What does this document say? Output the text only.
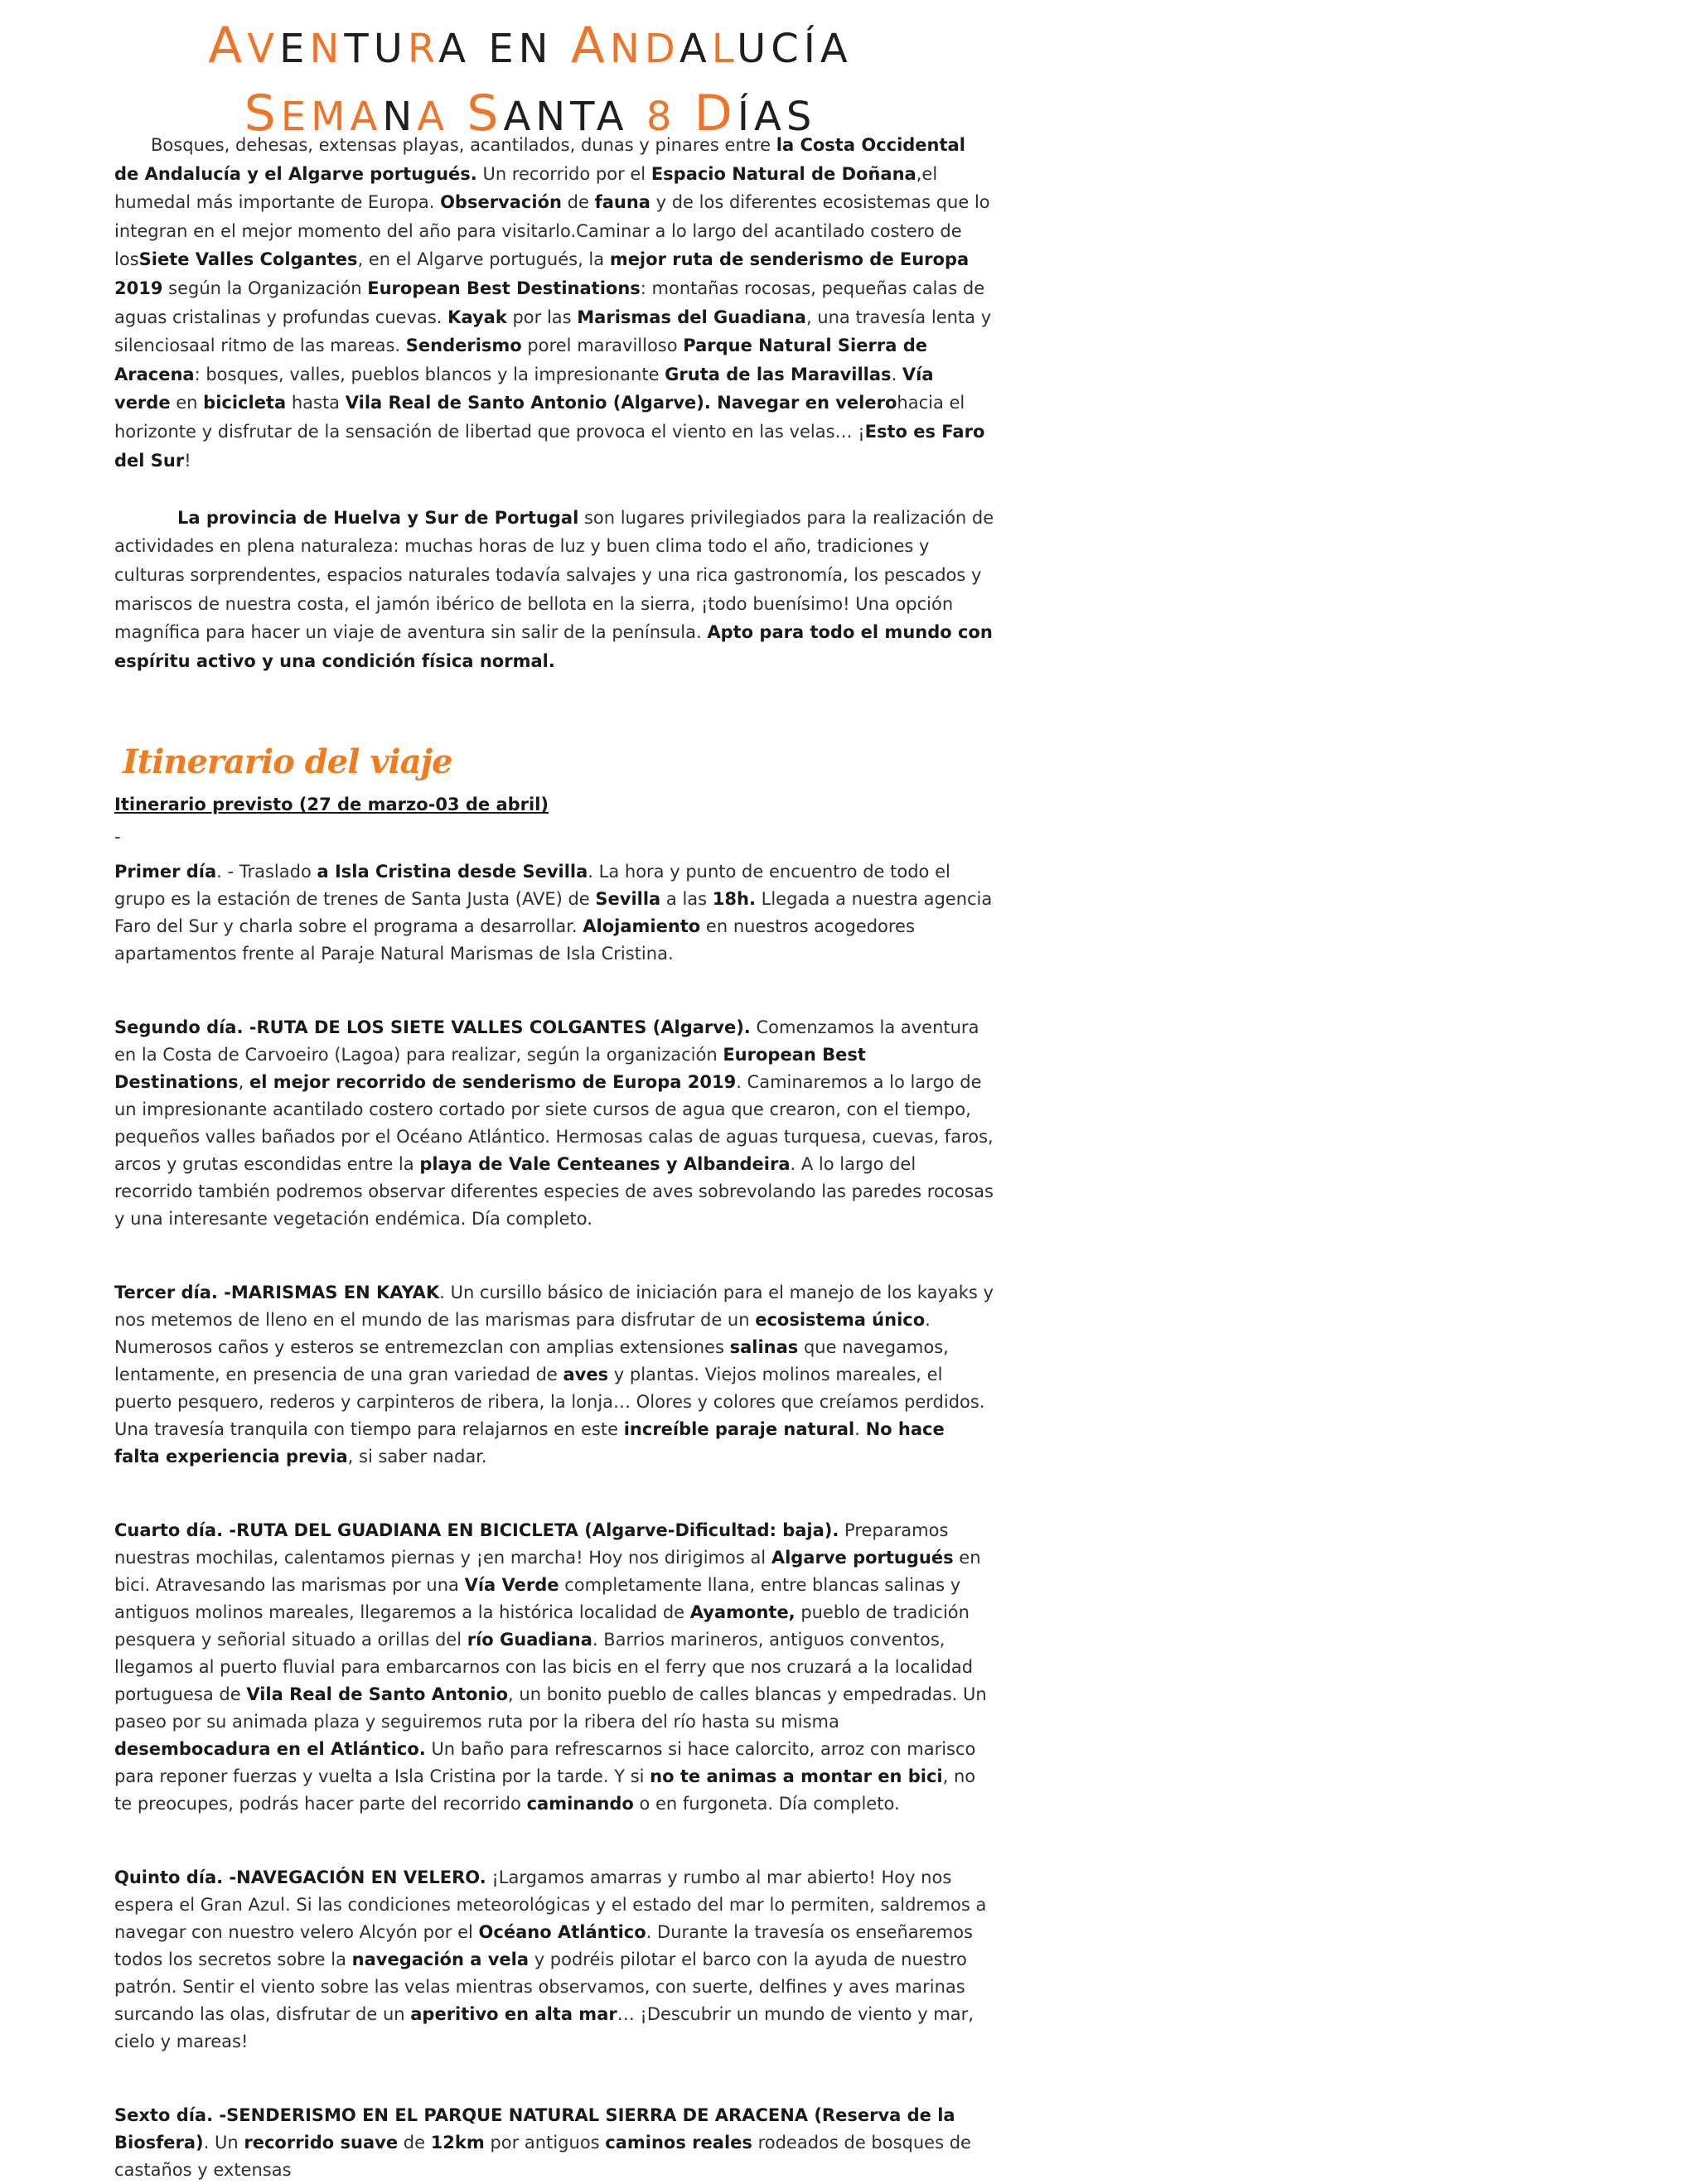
AVENTURA EN ANDALUCÍA SEMANA SANTA 8 DÍAS

Bosques, dehesas, extensas playas, acantilados, dunas y pinares entre la Costa Occidental de Andalucía y el Algarve portugués. Un recorrido por el Espacio Natural de Doñana,el humedal más importante de Europa. Observación de fauna y de los diferentes ecosistemas que lo integran en el mejor momento del año para visitarlo.Caminar a lo largo del acantilado costero de losSiete Valles Colgantes, en el Algarve portugués, la mejor ruta de senderismo de Europa 2019 según la Organización European Best Destinations: montañas rocosas, pequeñas calas de aguas cristalinas y profundas cuevas. Kayak por las Marismas del Guadiana, una travesía lenta y silenciosaal ritmo de las mareas. Senderismo porel maravilloso Parque Natural Sierra de Aracena: bosques, valles, pueblos blancos y la impresionante Gruta de las Maravillas. Vía verde en bicicleta hasta Vila Real de Santo Antonio (Algarve). Navegar en velerohacia el horizonte y disfrutar de la sensación de libertad que provoca el viento en las velas… ¡Esto es Faro del Sur!

La provincia de Huelva y Sur de Portugal son lugares privilegiados para la realización de actividades en plena naturaleza: muchas horas de luz y buen clima todo el año, tradiciones y culturas sorprendentes, espacios naturales todavía salvajes y una rica gastronomía, los pescados y mariscos de nuestra costa, el jamón ibérico de bellota en la sierra, ¡todo buenísimo! Una opción magnífica para hacer un viaje de aventura sin salir de la península. Apto para todo el mundo con espíritu activo y una condición física normal.

Itinerario del viaje
Itinerario previsto (27 de marzo-03 de abril)
-

Primer día. - Traslado a Isla Cristina desde Sevilla. La hora y punto de encuentro de todo el grupo es la estación de trenes de Santa Justa (AVE) de Sevilla a las 18h. Llegada a nuestra agencia Faro del Sur y charla sobre el programa a desarrollar. Alojamiento en nuestros acogedores apartamentos frente al Paraje Natural Marismas de Isla Cristina.

Segundo día. -RUTA DE LOS SIETE VALLES COLGANTES (Algarve). Comenzamos la aventura en la Costa de Carvoeiro (Lagoa) para realizar, según la organización European Best Destinations, el mejor recorrido de senderismo de Europa 2019. Caminaremos a lo largo de un impresionante acantilado costero cortado por siete cursos de agua que crearon, con el tiempo, pequeños valles bañados por el Océano Atlántico. Hermosas calas de aguas turquesa, cuevas, faros, arcos y grutas escondidas entre la playa de Vale Centeanes y Albandeira. A lo largo del recorrido también podremos observar diferentes especies de aves sobrevolando las paredes rocosas y una interesante vegetación endémica. Día completo.

Tercer día. -MARISMAS EN KAYAK. Un cursillo básico de iniciación para el manejo de los kayaks y nos metemos de lleno en el mundo de las marismas para disfrutar de un ecosistema único. Numerosos caños y esteros se entremezclan con amplias extensiones salinas que navegamos, lentamente, en presencia de una gran variedad de aves y plantas. Viejos molinos mareales, el puerto pesquero, rederos y carpinteros de ribera, la lonja… Olores y colores que creíamos perdidos. Una travesía tranquila con tiempo para relajarnos en este increíble paraje natural. No hace falta experiencia previa, si saber nadar.

Cuarto día. -RUTA DEL GUADIANA EN BICICLETA (Algarve-Dificultad: baja). Preparamos nuestras mochilas, calentamos piernas y ¡en marcha! Hoy nos dirigimos al Algarve portugués en bici. Atravesando las marismas por una Vía Verde completamente llana, entre blancas salinas y antiguos molinos mareales, llegaremos a la histórica localidad de Ayamonte, pueblo de tradición pesquera y señorial situado a orillas del río Guadiana. Barrios marineros, antiguos conventos, llegamos al puerto fluvial para embarcarnos con las bicis en el ferry que nos cruzará a la localidad portuguesa de Vila Real de Santo Antonio, un bonito pueblo de calles blancas y empedradas. Un paseo por su animada plaza y seguiremos ruta por la ribera del río hasta su misma desembocadura en el Atlántico. Un baño para refrescarnos si hace calorcito, arroz con marisco para reponer fuerzas y vuelta a Isla Cristina por la tarde. Y si no te animas a montar en bici, no te preocupes, podrás hacer parte del recorrido caminando o en furgoneta. Día completo.

Quinto día. -NAVEGACIÓN EN VELERO. ¡Largamos amarras y rumbo al mar abierto! Hoy nos espera el Gran Azul. Si las condiciones meteorológicas y el estado del mar lo permiten, saldremos a navegar con nuestro velero Alcyón por el Océano Atlántico. Durante la travesía os enseñaremos todos los secretos sobre la navegación a vela y podréis pilotar el barco con la ayuda de nuestro patrón. Sentir el viento sobre las velas mientras observamos, con suerte, delfines y aves marinas surcando las olas, disfrutar de un aperitivo en alta mar… ¡Descubrir un mundo de viento y mar, cielo y mareas!

Sexto día. -SENDERISMO EN EL PARQUE NATURAL SIERRA DE ARACENA (Reserva de la Biosfera). Un recorrido suave de 12km por antiguos caminos reales rodeados de bosques de castaños y extensas
